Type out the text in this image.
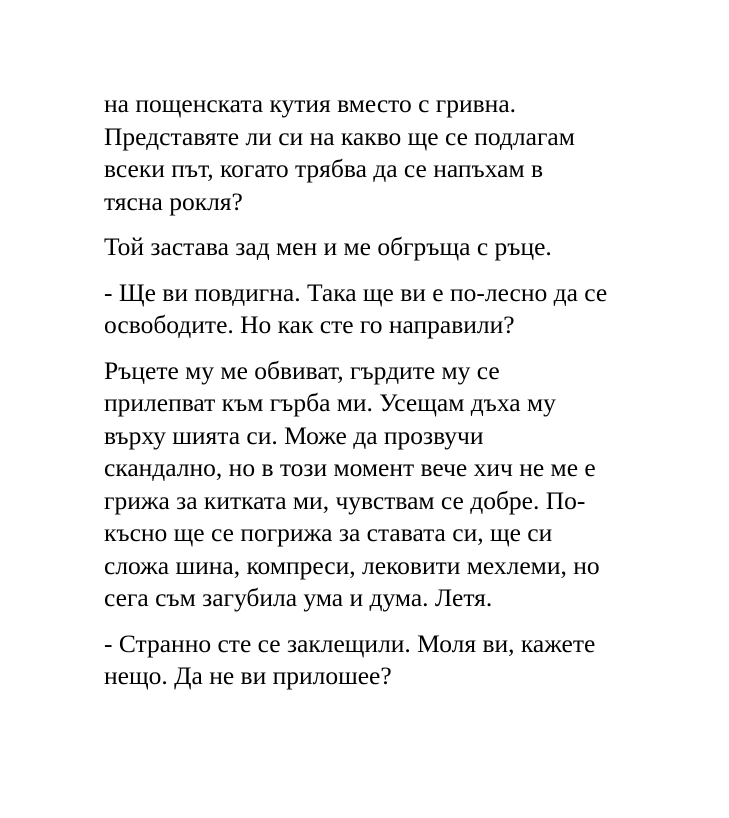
на пощенската кутия вместо с гривна.
Представяте ли си на какво ще се подлагам
всеки път, когато трябва да се напъхам в
тясна рокля?
Той застава зад мен и ме обгръща с ръце.
- Ще ви повдигна. Така ще ви е по-лесно да се
освободите. Но как сте го направили?
Ръцете му ме обвиват, гърдите му се
прилепват към гърба ми. Усещам дъха му
върху шията си. Може да прозвучи
скандално, но в този момент вече хич не ме е
грижа за китката ми, чувствам се добре. По-
късно ще се погрижа за ставата си, ще си
сложа шина, компреси, лековити мехлеми, но
сега съм загубила ума и дума. Летя.
- Странно сте се заклещили. Моля ви, кажете
нещо. Да не ви прилошее?
